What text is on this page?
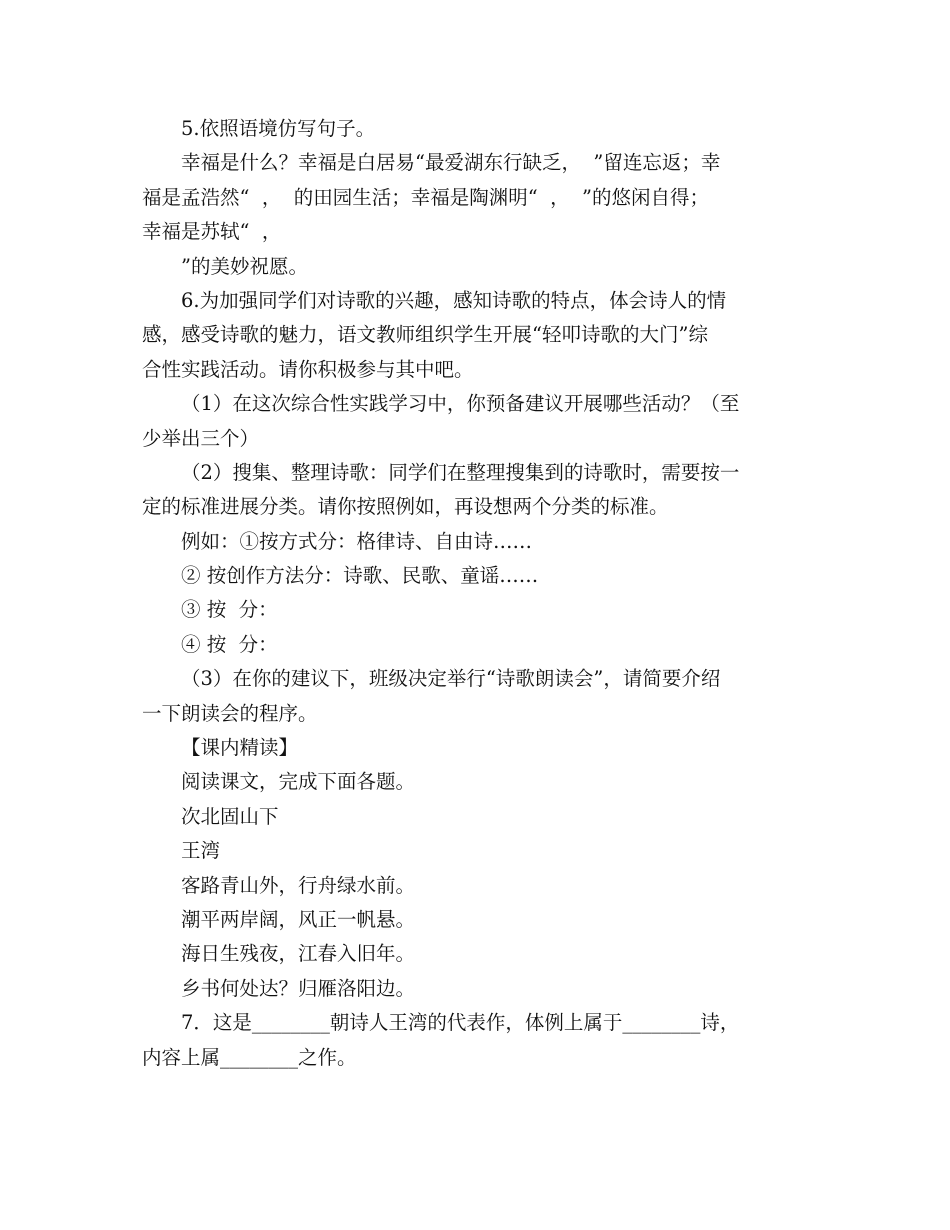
5.依照语境仿写句子。
幸福是什么？幸福是白居易“最爱湖东行缺乏，  ”留连忘返；幸
福是孟浩然“  ，  的田园生活；幸福是陶渊明“  ，  ”的悠闲自得；
幸福是苏轼“  ，
”的美妙祝愿。
6.为加强同学们对诗歌的兴趣，感知诗歌的特点，体会诗人的情
感，感受诗歌的魅力，语文教师组织学生开展“轻叩诗歌的大门”综
合性实践活动。请你积极参与其中吧。
（1）在这次综合性实践学习中，你预备建议开展哪些活动？（至
少举出三个）
（2）搜集、整理诗歌：同学们在整理搜集到的诗歌时，需要按一
定的标准进展分类。请你按照例如，再设想两个分类的标准。
例如：①按方式分：格律诗、自由诗……
② 按创作方法分：诗歌、民歌、童谣……
③ 按  分：
④ 按  分：
（3）在你的建议下，班级决定举行“诗歌朗读会”，请简要介绍
一下朗读会的程序。
【课内精读】
阅读课文，完成下面各题。
次北固山下
王湾
客路青山外，行舟绿水前。
潮平两岸阔，风正一帆悬。
海日生残夜，江春入旧年。
乡书何处达？归雁洛阳边。
7．这是________朝诗人王湾的代表作，体例上属于________诗，
内容上属________之作。
